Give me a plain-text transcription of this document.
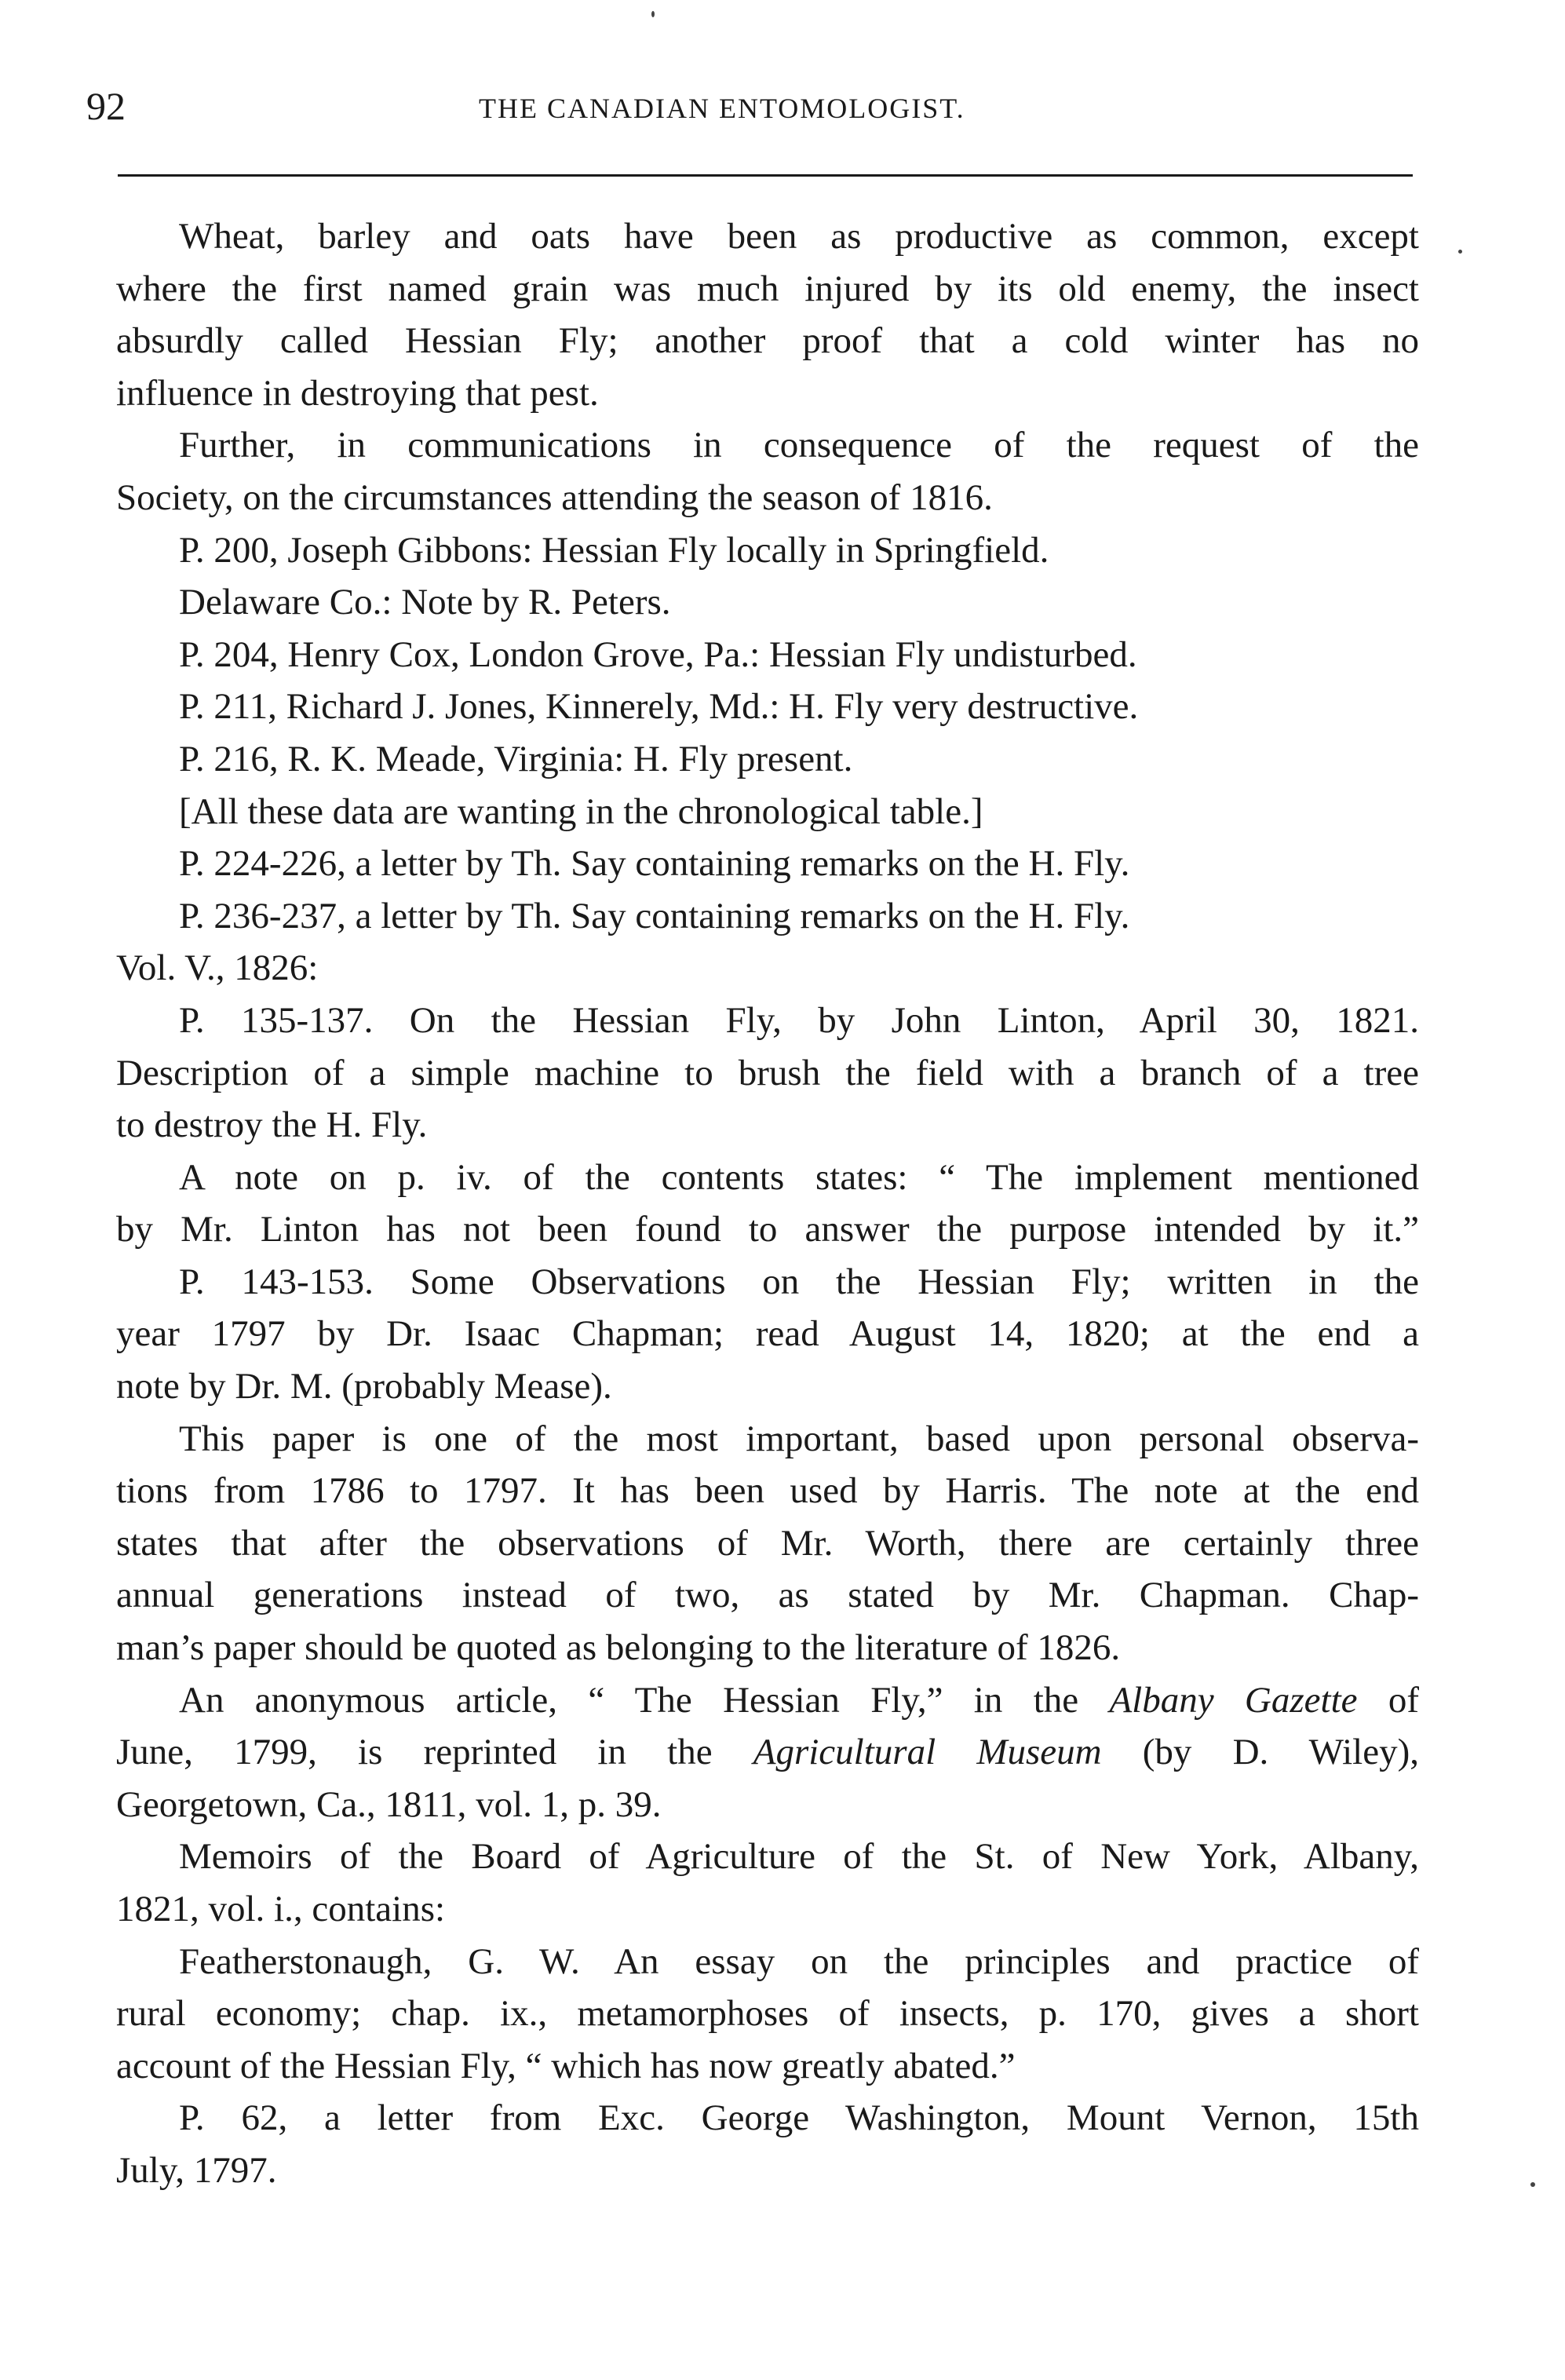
92	THE CANADIAN ENTOMOLOGIST.
Wheat, barley and oats have been as productive as common, except
where the first named grain was much injured by its old enemy, the insect
absurdly called Hessian Fly; another proof that a cold winter has no
influence in destroying that pest.
Further, in communications in consequence of the request of the
Society, on the circumstances attending the season of 1816.
P. 200, Joseph Gibbons: Hessian Fly locally in Springfield.
Delaware Co.: Note by R. Peters.
P. 204, Henry Cox, London Grove, Pa.: Hessian Fly undisturbed.
P. 211, Richard J. Jones, Kinnerely, Md.: H. Fly very destructive.
P. 216, R. K. Meade, Virginia: H. Fly present.
[All these data are wanting in the chronological table.]
P. 224-226, a letter by Th. Say containing remarks on the H. Fly.
P. 236-237, a letter by Th. Say containing remarks on the H. Fly.
Vol. V., 1826:
P. 135-137. On the Hessian Fly, by John Linton, April 30, 1821.
Description of a simple machine to brush the field with a branch of a tree
to destroy the H. Fly.
A note on p. iv. of the contents states: “ The implement mentioned
by Mr. Linton has not been found to answer the purpose intended by it.”
P. 143-153. Some Observations on the Hessian Fly; written in the
year 1797 by Dr. Isaac Chapman; read August 14, 1820; at the end a
note by Dr. M. (probably Mease).
This paper is one of the most important, based upon personal observa-
tions from 1786 to 1797. It has been used by Harris. The note at the end
states that after the observations of Mr. Worth, there are certainly three
annual generations instead of two, as stated by Mr. Chapman. Chap-
man’s paper should be quoted as belonging to the literature of 1826.
An anonymous article, “ The Hessian Fly,” in the Albany Gazette of
June, 1799, is reprinted in the Agricultural Museum (by D. Wiley),
Georgetown, Ca., 1811, vol. 1, p. 39.
Memoirs of the Board of Agriculture of the St. of New York, Albany,
1821, vol. i., contains:
Featherstonaugh, G. W. An essay on the principles and practice of
rural economy; chap. ix., metamorphoses of insects, p. 170, gives a short
account of the Hessian Fly, “ which has now greatly abated.”
P. 62, a letter from Exc. George Washington, Mount Vernon, 15th
July, 1797.
